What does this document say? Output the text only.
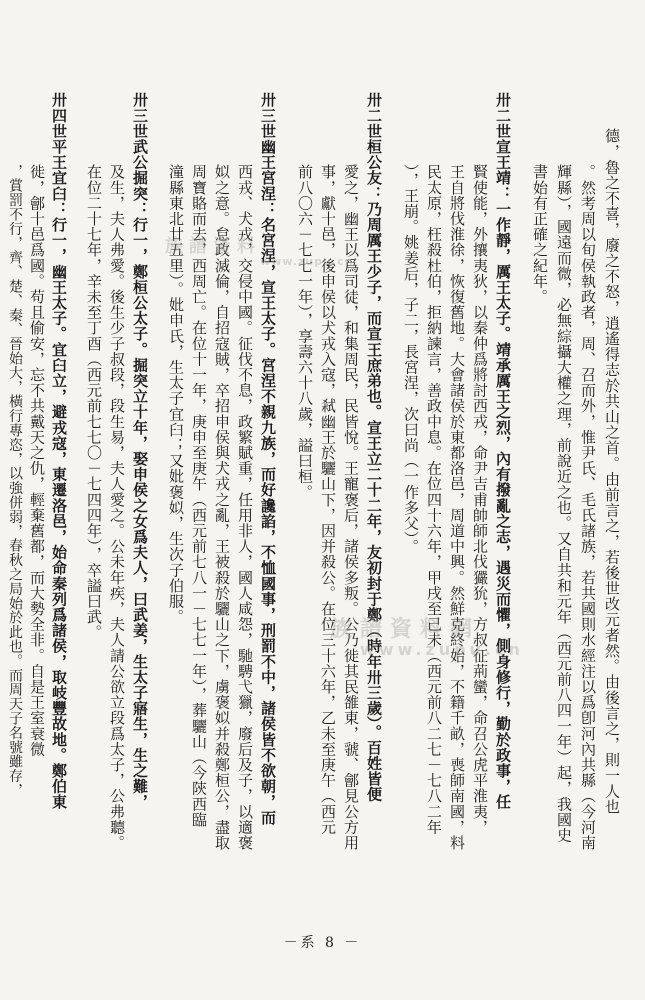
德，魯之不喜，廢之不怒，逍遙得志於共山之首。由前言之，若後世改元者然。由後言之，則一人也
。然考周以旬侯執政者，周、召而外，惟尹氏、毛氏諸族，若共國則水經注以爲卽河內共縣（今河南
輝縣），國遠而微，必無綜攝大權之理，前說近之也。又自共和元年（西元前八四一年）起，我國史
書始有正確之紀年。
卅二世宣王靖：一作靜，厲王太子。靖承厲王之烈，內有撥亂之志，遇災而懼，側身修行，勤於政事，任
賢使能，外攘夷狄，以秦仲爲將討西戎，命尹吉甫帥師北伐玁狁，方叔征荊蠻，命召公虎平淮夷，
王自將伐淮徐，恢復舊地。大會諸侯於東都洛邑，周道中興。然鮮克終始，不籍千畝，喪師南國，料
民太原，枉殺杜伯，拒納諫言，善政中息。在位四十六年，甲戌至己未（西元前八二七－七八二年
），王崩。姚姜后，子二，長宮涅，次曰尚（一作多父）。
卅二世桓公友：乃周厲王少子，而宣王庶弟也。宣王立二十二年，友初封于鄭（時年卅三歲）。百姓皆便
愛之，幽王以爲司徒，和集周民，民皆悅。王寵褒后，諸侯多叛。公乃徙其民雒東，虢、鄶見公方用
事，獻十邑，後申侯以犬戎入寇，弒幽王於驪山下，因并殺公。在位三十六年，乙未至庚午（西元
前八〇六－七七一年），享壽六十八歲，謚曰桓。
卅三世幽王宮涅：名宮涅，宣王太子。宮涅不親九族，而好讒諂，不恤國事，刑罰不中，諸侯皆不欲朝，而
西戎、犬戎，交侵中國。征伐不息，政繁賦重，任用非人，國人咸怨，馳騁弋獵，廢后及子，以適褒
姒之意。怠政滅倫，自招寇賊，卒招申侯與犬戎之亂，王被殺於驪山之下，虜褒姒并殺鄭桓公，盡取
周寶賂而去，西周亡。在位十一年，庚申至庚午（西元前七八一－七七一年），葬驪山（今陝西臨
潼縣東北廿五里）。妣申氏，生太子宜臼；又妣褒姒，生次子伯服。
卅三世武公掘突：行一，鄭桓公太子。掘突立十年，娶申侯之女爲夫人，曰武姜，生太子寤生，生之難，
及生，夫人弗愛。後生少子叔段，段生易，夫人愛之。公未年疾，夫人請公欲立段爲太子，公弗聽。
在位二十七年，辛未至丁酉（西元前七七〇－七四四年），卒謚曰武。
卅四世平王宜臼：行一，幽王太子。宜臼立，避戎寇，東遷洛邑，始命秦列爲諸侯，取岐豐故地。鄭伯東
徙，鄶十邑爲國。苟且偷安，忘不共戴天之仇，輕棄舊都，而大勢全非。自是王室衰微
，賞罰不行，齊、楚、秦、晉始大，橫行專恣，以強併弱，春秋之局始於此也。而周天子名號雖存，	族譜資料
www.zupu.cn
族譜資料網
www.zupu.cn
－系 8 －
